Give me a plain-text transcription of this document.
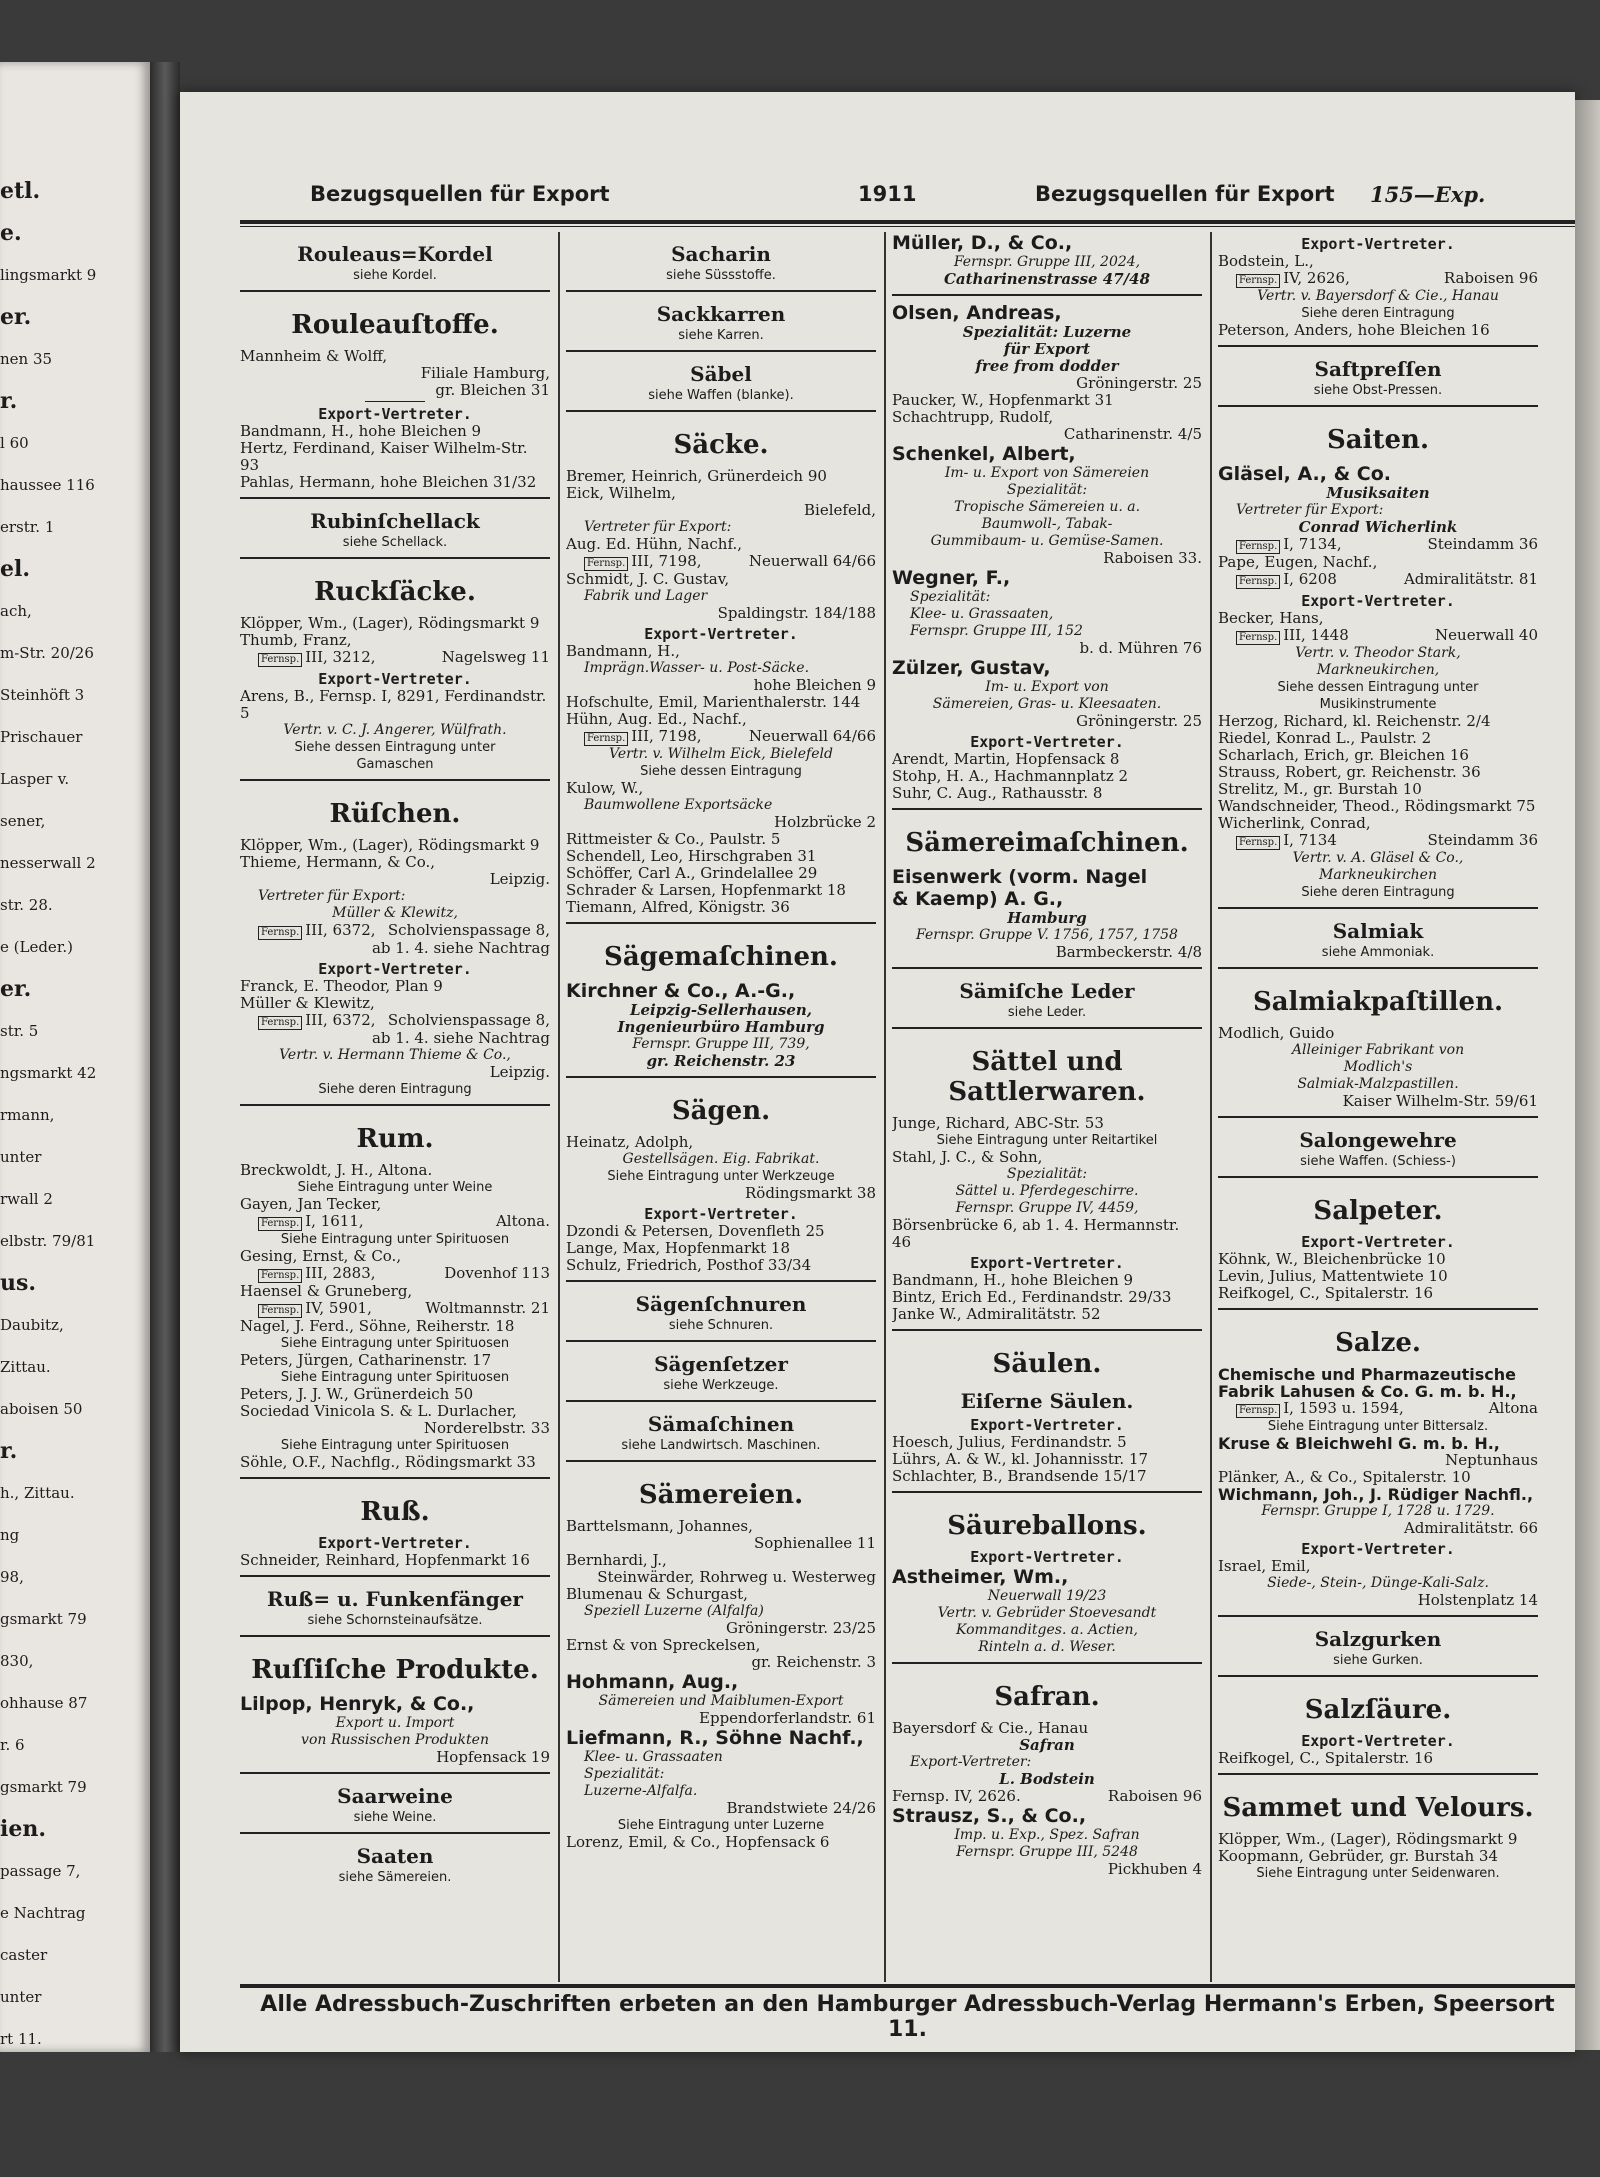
etl.
e.
lingsmarkt 9
er.
nen 35
r.
l 60
haussee 116
erstr. 1
el.
ach,
m-Str. 20/26
Steinhöft 3
Prischauer
Laspeг v.
sener,
nesserwall 2
str. 28.
e (Leder.)
er.
str. 5
ngsmarkt 42
rmann,
unter
rwall 2
elbstr. 79/81
us.
Daubitz,
Zittau.
aboisen 50
r.
h., Zittau.
ng
98,
gsmarkt 79
830,
ohhause 87
r. 6
gsmarkt 79
ien.
passage 7,
e Nachtrag
caster
unter
rt 11.
Bezugsquellen für Export	1911	Bezugsquellen für Export 155—Exp.
Rouleaus=Kordel
siehe Kordel.
Rouleauſtoffe.
Mannheim & Wolff,
Filiale Hamburg,
gr. Bleichen 31
Export-Vertreter.
Bandmann, H., hohe Bleichen 9
Hertz, Ferdinand, Kaiser Wilhelm-Str. 93
Pahlas, Hermann, hohe Bleichen 31/32
Rubinſchellack
siehe Schellack.
Ruckſäcke.
Klöpper, Wm., (Lager), Rödingsmarkt 9
Thumb, Franz,
Fernsp. III, 3212,	Nagelsweg 11
Export-Vertreter.
Arens, B., Fernsp. I, 8291, Ferdinandstr. 5
Vertr. v. C. J. Angerer, Wülfrath.
Siehe dessen Eintragung unter
Gamaschen
Rüſchen.
Klöpper, Wm., (Lager), Rödingsmarkt 9
Thieme, Hermann, & Co.,
Leipzig.
Vertreter für Export:
Müller & Klewitz,
Fernsp. III, 6372, Scholvienspassage 8,
ab 1. 4. siehe Nachtrag
Export-Vertreter.
Franck, E. Theodor, Plan 9
Müller & Klewitz,
Fernsp. III, 6372, Scholvienspassage 8,
ab 1. 4. siehe Nachtrag
Vertr. v. Hermann Thieme & Co.,
Leipzig.
Siehe deren Eintragung
Rum.
Breckwoldt, J. H., Altona.
Siehe Eintragung unter Weine
Gayen, Jan Tecker,
Fernsp. I, 1611,	Altona.
Siehe Eintragung unter Spirituosen
Gesing, Ernst, & Co.,
Fernsp. III, 2883,	Dovenhof 113
Haensel & Gruneberg,
Fernsp. IV, 5901,	Woltmannstr. 21
Nagel, J. Ferd., Söhne, Reiherstr. 18
Siehe Eintragung unter Spirituosen
Peters, Jürgen, Catharinenstr. 17
Siehe Eintragung unter Spirituosen
Peters, J. J. W., Grünerdeich 50
Sociedad Vinicola S. & L. Durlacher,
Norderelbstr. 33
Siehe Eintragung unter Spirituosen
Söhle, O.F., Nachflg., Rödingsmarkt 33
Ruß.
Export-Vertreter.
Schneider, Reinhard, Hopfenmarkt 16
Ruß= u. Funkenfänger
siehe Schornsteinaufsätze.
Ruſſiſche Produkte.
Lilpop, Henryk, & Co.,
Export u. Import
von Russischen Produkten
Hopfensack 19
Saarweine
siehe Weine.
Saaten
siehe Sämereien.
Sacharin
siehe Süssstoffe.
Sackkarren
siehe Karren.
Säbel
siehe Waffen (blanke).
Säcke.
Bremer, Heinrich, Grünerdeich 90
Eick, Wilhelm,
Bielefeld,
Vertreter für Export:
Aug. Ed. Hühn, Nachf.,
Fernsp. III, 7198,	Neuerwall 64/66
Schmidt, J. C. Gustav,
Fabrik und Lager
Spaldingstr. 184/188
Export-Vertreter.
Bandmann, H.,
Imprägn.Wasser- u. Post-Säcke.
hohe Bleichen 9
Hofschulte, Emil, Marienthalerstr. 144
Hühn, Aug. Ed., Nachf.,
Fernsp. III, 7198,	Neuerwall 64/66
Vertr. v. Wilhelm Eick, Bielefeld
Siehe dessen Eintragung
Kulow, W.,
Baumwollene Exportsäcke
Holzbrücke 2
Rittmeister & Co., Paulstr. 5
Schendell, Leo, Hirschgraben 31
Schöffer, Carl A., Grindelallee 29
Schrader & Larsen, Hopfenmarkt 18
Tiemann, Alfred, Königstr. 36
Sägemaſchinen.
Kirchner & Co., A.-G.,
Leipzig-Sellerhausen,
Ingenieurbüro Hamburg
Fernspr. Gruppe III, 739,
gr. Reichenstr. 23
Sägen.
Heinatz, Adolph,
Gestellsägen. Eig. Fabrikat.
Siehe Eintragung unter Werkzeuge
Rödingsmarkt 38
Export-Vertreter.
Dzondi & Petersen, Dovenfleth 25
Lange, Max, Hopfenmarkt 18
Schulz, Friedrich, Posthof 33/34
Sägenſchnuren
siehe Schnuren.
Sägenſetzer
siehe Werkzeuge.
Sämaſchinen
siehe Landwirtsch. Maschinen.
Sämereien.
Barttelsmann, Johannes,
Sophienallee 11
Bernhardi, J.,
Steinwärder, Rohrweg u. Westerweg
Blumenau & Schurgast,
Speziell Luzerne (Alfalfa)
Gröningerstr. 23/25
Ernst & von Spreckelsen,
gr. Reichenstr. 3
Hohmann, Aug.,
Sämereien und Maiblumen-Export
Eppendorferlandstr. 61
Liefmann, R., Söhne Nachf.,
Klee- u. Grassaaten
Spezialität:
Luzerne-Alfalfa.
Brandstwiete 24/26
Siehe Eintragung unter Luzerne
Lorenz, Emil, & Co., Hopfensack 6
Müller, D., & Co.,
Fernspr. Gruppe III, 2024,
Catharinenstrasse 47/48
Olsen, Andreas,
Spezialität: Luzerne
für Export
free from dodder
Gröningerstr. 25
Paucker, W., Hopfenmarkt 31
Schachtrupp, Rudolf,
Catharinenstr. 4/5
Schenkel, Albert,
Im- u. Export von Sämereien
Spezialität:
Tropische Sämereien u. a.
Baumwoll-, Tabak-
Gummibaum- u. Gemüse-Samen.
Raboisen 33.
Wegner, F.,
Spezialität:
Klee- u. Grassaaten,
Fernspr. Gruppe III, 152
b. d. Mühren 76
Zülzer, Gustav,
Im- u. Export von
Sämereien, Gras- u. Kleesaaten.
Gröningerstr. 25
Export-Vertreter.
Arendt, Martin, Hopfensack 8
Stohp, H. A., Hachmannplatz 2
Suhr, C. Aug., Rathausstr. 8
Sämereimaſchinen.
Eisenwerk (vorm. Nagel
& Kaemp) A. G.,
Hamburg
Fernspr. Gruppe V. 1756, 1757, 1758
Barmbeckerstr. 4/8
Sämiſche Leder
siehe Leder.
Sättel und Sattlerwaren.
Junge, Richard, ABC-Str. 53
Siehe Eintragung unter Reitartikel
Stahl, J. C., & Sohn,
Spezialität:
Sättel u. Pferdegeschirre.
Fernspr. Gruppe IV, 4459,
Börsenbrücke 6, ab 1. 4. Hermannstr. 46
Export-Vertreter.
Bandmann, H., hohe Bleichen 9
Bintz, Erich Ed., Ferdinandstr. 29/33
Janke W., Admiralitätstr. 52
Säulen.
Eiſerne Säulen.
Export-Vertreter.
Hoesch, Julius, Ferdinandstr. 5
Lührs, A. & W., kl. Johannisstr. 17
Schlachter, B., Brandsende 15/17
Säureballons.
Export-Vertreter.
Astheimer, Wm.,
Neuerwall 19/23
Vertr. v. Gebrüder Stoevesandt
Kommanditges. a. Actien,
Rinteln a. d. Weser.
Safran.
Bayersdorf & Cie., Hanau
Safran
Export-Vertreter:
L. Bodstein
Fernsp. IV, 2626.	Raboisen 96
Strausz, S., & Co.,
Imp. u. Exp., Spez. Safran
Fernspr. Gruppe III, 5248
Pickhuben 4
Export-Vertreter.
Bodstein, L.,
Fernsp. IV, 2626,	Raboisen 96
Vertr. v. Bayersdorf & Cie., Hanau
Siehe deren Eintragung
Peterson, Anders, hohe Bleichen 16
Saftpreſſen
siehe Obst-Pressen.
Saiten.
Gläsel, A., & Co.
Musiksaiten
Vertreter für Export:
Conrad Wicherlink
Fernsp. I, 7134,	Steindamm 36
Pape, Eugen, Nachf.,
Fernsp. I, 6208	Admiralitätstr. 81
Export-Vertreter.
Becker, Hans,
Fernsp. III, 1448	Neuerwall 40
Vertr. v. Theodor Stark,
Markneukirchen,
Siehe dessen Eintragung unter
Musikinstrumente
Herzog, Richard, kl. Reichenstr. 2/4
Riedel, Konrad L., Paulstr. 2
Scharlach, Erich, gr. Bleichen 16
Strauss, Robert, gr. Reichenstr. 36
Strelitz, M., gr. Burstah 10
Wandschneider, Theod., Rödingsmarkt 75
Wicherlink, Conrad,
Fernsp. I, 7134	Steindamm 36
Vertr. v. A. Gläsel & Co.,
Markneukirchen
Siehe deren Eintragung
Salmiak
siehe Ammoniak.
Salmiakpaſtillen.
Modlich, Guido
Alleiniger Fabrikant von
Modlich's
Salmiak-Malzpastillen.
Kaiser Wilhelm-Str. 59/61
Salongewehre
siehe Waffen. (Schiess-)
Salpeter.
Export-Vertreter.
Köhnk, W., Bleichenbrücke 10
Levin, Julius, Mattentwiete 10
Reifkogel, C., Spitalerstr. 16
Salze.
Chemische und Pharmazeutische
Fabrik Lahusen & Co. G. m. b. H.,
Fernsp. I, 1593 u. 1594,	Altona
Siehe Eintragung unter Bittersalz.
Kruse & Bleichwehl G. m. b. H.,
Neptunhaus
Plänker, A., & Co., Spitalerstr. 10
Wichmann, Joh., J. Rüdiger Nachfl.,
Fernspr. Gruppe I, 1728 u. 1729.
Admiralitätstr. 66
Export-Vertreter.
Israel, Emil,
Siede-, Stein-, Dünge-Kali-Salz.
Holstenplatz 14
Salzgurken
siehe Gurken.
Salzſäure.
Export-Vertreter.
Reifkogel, C., Spitalerstr. 16
Sammet und Velours.
Klöpper, Wm., (Lager), Rödingsmarkt 9
Koopmann, Gebrüder, gr. Burstah 34
Siehe Eintragung unter Seidenwaren.
Alle Adressbuch-Zuschriften erbeten an den Hamburger Adressbuch-Verlag Hermann's Erben, Speersort 11.
